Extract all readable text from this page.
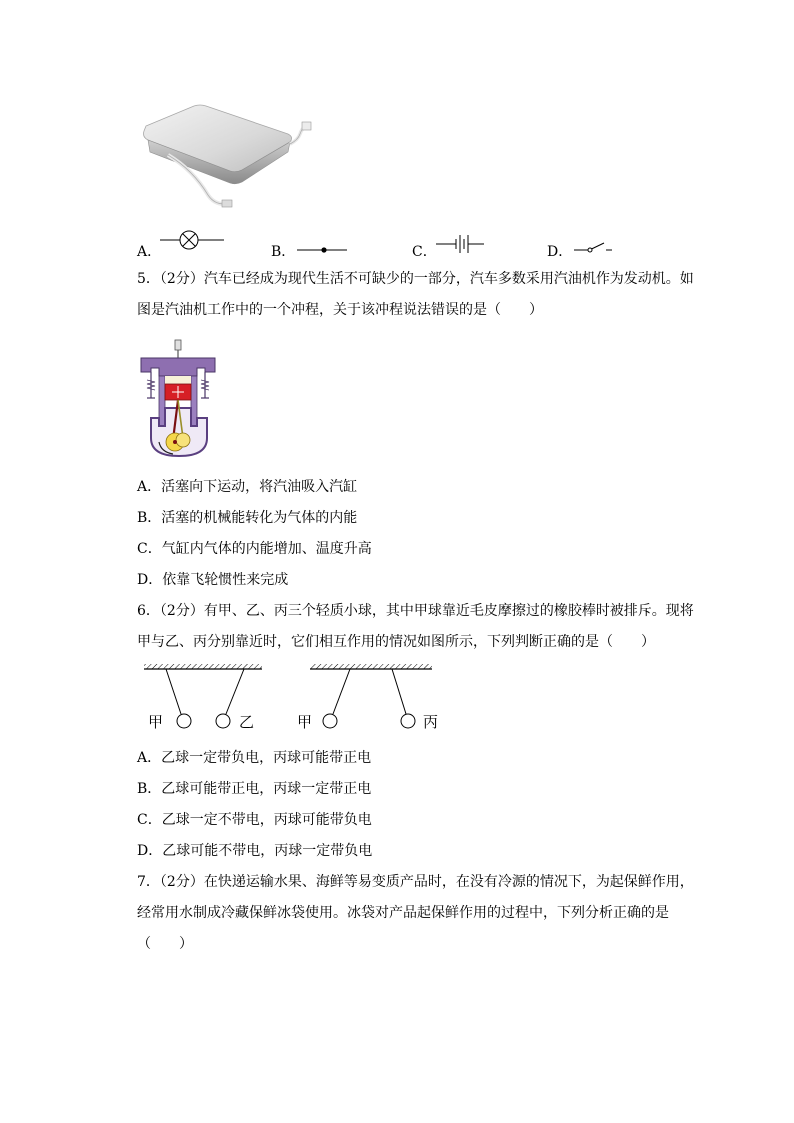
A．	B．	C．	D．
5．（2分）汽车已经成为现代生活不可缺少的一部分，汽车多数采用汽油机作为发动机。如
图是汽油机工作中的一个冲程，关于该冲程说法错误的是（　　）
A．活塞向下运动，将汽油吸入汽缸
B．活塞的机械能转化为气体的内能
C．气缸内气体的内能增加、温度升高
D．依靠飞轮惯性来完成
6．（2分）有甲、乙、丙三个轻质小球，其中甲球靠近毛皮摩擦过的橡胶棒时被排斥。现将
甲与乙、丙分别靠近时，它们相互作用的情况如图所示，下列判断正确的是（　　）
甲	乙	甲	丙
A．乙球一定带负电，丙球可能带正电
B．乙球可能带正电，丙球一定带正电
C．乙球一定不带电，丙球可能带负电
D．乙球可能不带电，丙球一定带负电
7．（2分）在快递运输水果、海鲜等易变质产品时，在没有冷源的情况下，为起保鲜作用，
经常用水制成冷藏保鲜冰袋使用。冰袋对产品起保鲜作用的过程中，下列分析正确的是
（　　）
